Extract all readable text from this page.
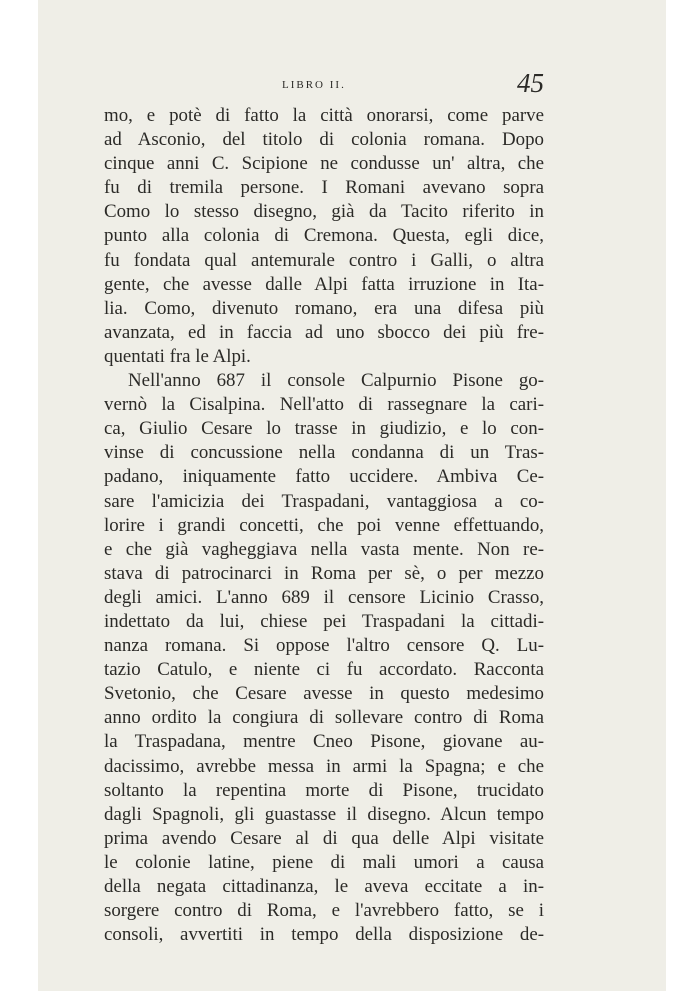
LIBRO II.	45
mo, e potè di fatto la città onorarsi, come parve
ad Asconio, del titolo di colonia romana. Dopo
cinque anni C. Scipione ne condusse un' altra, che
fu di tremila persone. I Romani avevano sopra
Como lo stesso disegno, già da Tacito riferito in
punto alla colonia di Cremona. Questa, egli dice,
fu fondata qual antemurale contro i Galli, o altra
gente, che avesse dalle Alpi fatta irruzione in Ita-
lia. Como, divenuto romano, era una difesa più
avanzata, ed in faccia ad uno sbocco dei più fre-
quentati fra le Alpi.
Nell'anno 687 il console Calpurnio Pisone go-
vernò la Cisalpina. Nell'atto di rassegnare la cari-
ca, Giulio Cesare lo trasse in giudizio, e lo con-
vinse di concussione nella condanna di un Tras-
padano, iniquamente fatto uccidere. Ambiva Ce-
sare l'amicizia dei Traspadani, vantaggiosa a co-
lorire i grandi concetti, che poi venne effettuando,
e che già vagheggiava nella vasta mente. Non re-
stava di patrocinarci in Roma per sè, o per mezzo
degli amici. L'anno 689 il censore Licinio Crasso,
indettato da lui, chiese pei Traspadani la cittadi-
nanza romana. Si oppose l'altro censore Q. Lu-
tazio Catulo, e niente ci fu accordato. Racconta
Svetonio, che Cesare avesse in questo medesimo
anno ordito la congiura di sollevare contro di Roma
la Traspadana, mentre Cneo Pisone, giovane au-
dacissimo, avrebbe messa in armi la Spagna; e che
soltanto la repentina morte di Pisone, trucidato
dagli Spagnoli, gli guastasse il disegno. Alcun tempo
prima avendo Cesare al di qua delle Alpi visitate
le colonie latine, piene di mali umori a causa
della negata cittadinanza, le aveva eccitate a in-
sorgere contro di Roma, e l'avrebbero fatto, se i
consoli, avvertiti in tempo della disposizione de-
